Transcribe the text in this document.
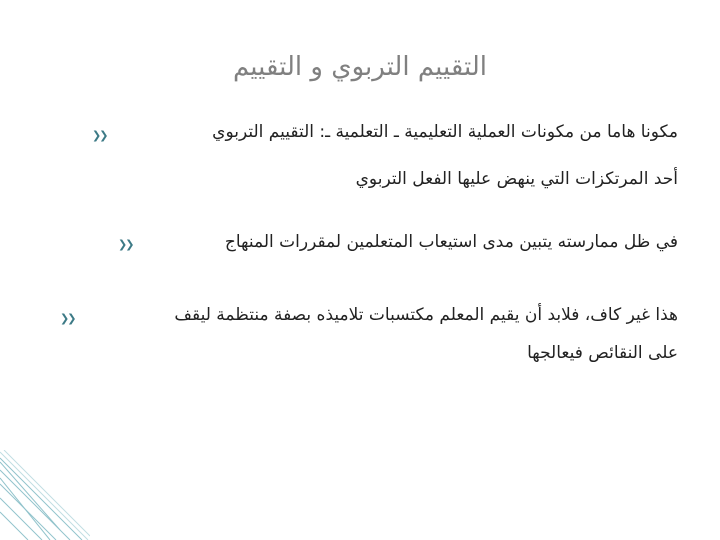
التقييم التربوي و التقييم
❯❯	مكونا هاما من مكونات العملية التعليمية ـ التعلمية ـ: التقييم التربوي
أحد المرتكزات التي ينهض عليها الفعل التربوي
❯❯	في ظل ممارسته يتبين مدى استيعاب المتعلمين لمقررات المنهاج
❯❯	هذا غير كاف، فلابد أن يقيم المعلم مكتسبات تلاميذه بصفة منتظمة ليقف
على النقائص فيعالجها
